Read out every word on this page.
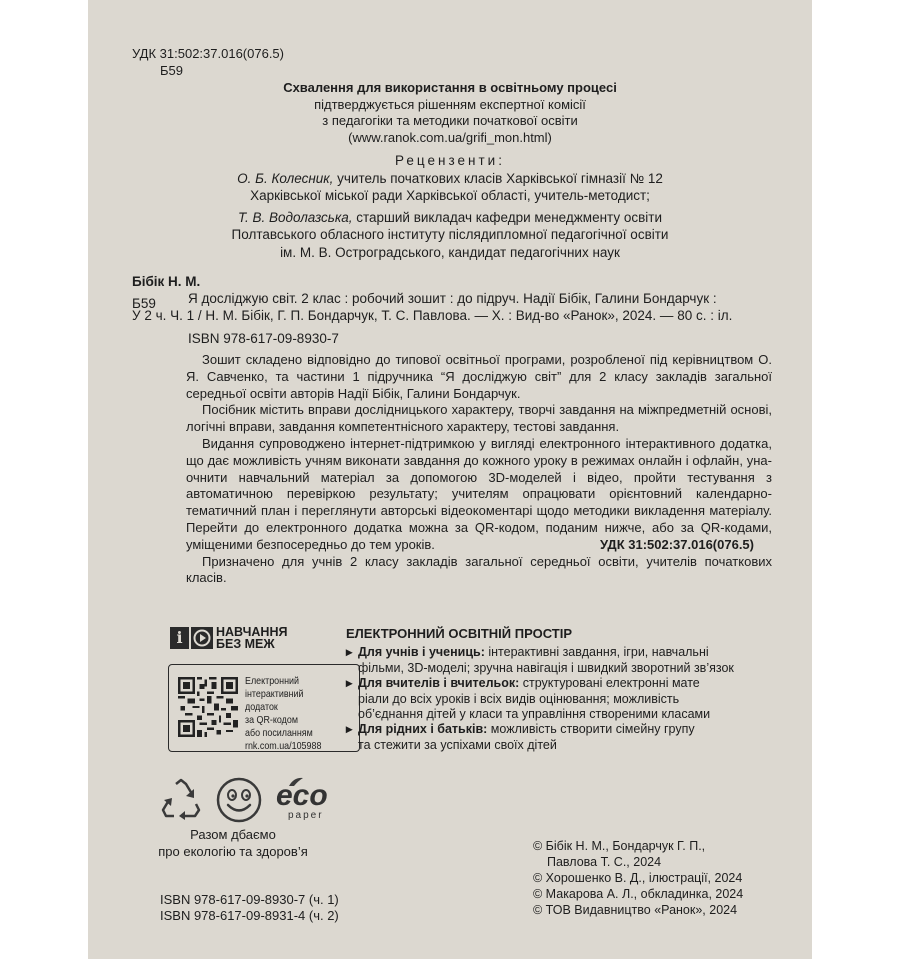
УДК 31:502:37.016(076.5)
Б59
Схвалення для використання в освітньому процесі
підтверджується рішенням експертної комісії
з педагогіки та методики початкової освіти
(www.ranok.com.ua/grifi_mon.html)
Рецензенти:
О. Б. Колесник, учитель початкових класів Харківської гімназії № 12
Харківської міської ради Харківської області, учитель-методист;
Т. В. Водолазська, старший викладач кафедри менеджменту освіти
Полтавського обласного інституту післядипломної педагогічної освіти
ім. М. В. Остроградського, кандидат педагогічних наук
Бібік Н. М.
Б59 Я досліджую світ. 2 клас : робочий зошит : до підруч. Надії Бібік, Галини Бондарчук :
У 2 ч. Ч. 1 / Н. М. Бібік, Г. П. Бондарчук, Т. С. Павлова. — Х. : Вид-во «Ранок», 2024. — 80 с. : іл.
ISBN 978-617-09-8930-7

Зошит складено відповідно до типової освітньої програми, розробленої під керівництвом О. Я. Савченко, та частини 1 підручника “Я досліджую світ” для 2 класу закладів загальної середньої освіти авторів Надії Бібік, Галини Бондарчук.

Посібник містить вправи дослідницького характеру, творчі завдання на міжпредметній основі, логічні вправи, завдання компетентнісного характеру, тестові завдання.

Видання супроводжено інтернет-підтримкою у вигляді електронного інтерактивного додатка, що дає можливість учням виконати завдання до кожного уроку в режимах онлайн і офлайн, унаочнити навчальний матеріал за допомогою 3D-моделей і відео, пройти тестування з автоматичною перевіркою результату; учителям опрацювати орієнтовний календарно-тематичний план і переглянути авторські відеокоментарі щодо методики викладення матеріалу. Перейти до електронного додатка можна за QR-кодом, поданим нижче, або за QR-кодами, уміщеними безпосередньо до тем уроків.

Призначено для учнів 2 класу закладів загальної середньої освіти, учителів початкових класів.

УДК 31:502:37.016(076.5)
i	НАВЧАННЯ
БЕЗ МЕЖ
Електронний
інтерактивний
додаток
за QR-кодом
або посиланням
rnk.com.ua/105988
ЕЛЕКТРОННИЙ ОСВІТНІЙ ПРОСТІР
▸ Для учнів і учениць: інтерактивні завдання, ігри, навчальні
фільми, 3D-моделі; зручна навігація і швидкий зворотний зв’язок
▸ Для вчителів і вчительок: структуровані електронні мате
ріали до всіх уроків і всіх видів оцінювання; можливість
об’єднання дітей у класи та управління створеними класами
▸ Для рідних і батьків: можливість створити сімейну групу
та стежити за успіхами своїх дітей
eco
paper
Разом дбаємо
про екологію та здоров’я	© Бібік Н. М., Бондарчук Г. П.,
Павлова Т. С., 2024
© Хорошенко В. Д., ілюстрації, 2024
© Макарова А. Л., обкладинка, 2024
© ТОВ Видавництво «Ранок», 2024
ISBN 978-617-09-8930-7 (ч. 1)
ISBN 978-617-09-8931-4 (ч. 2)
